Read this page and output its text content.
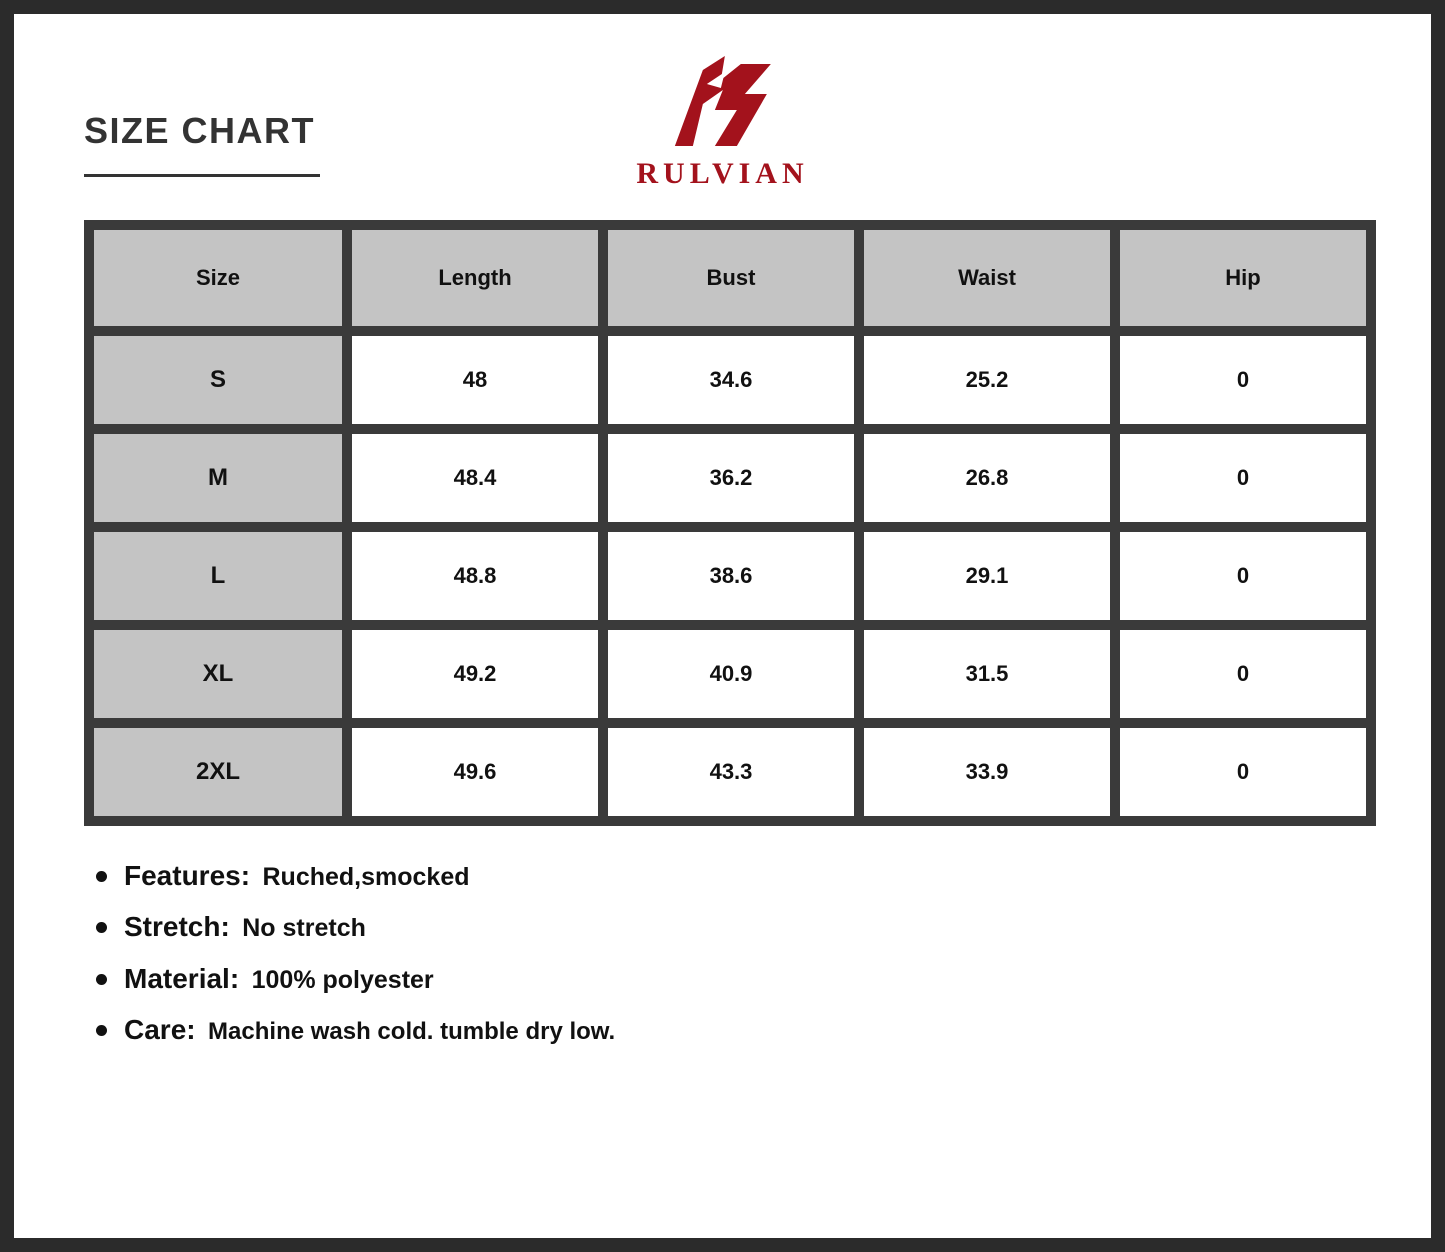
SIZE CHART
RULVIAN
Size	Length	Bust	Waist	Hip
S	48	34.6	25.2	0
M	48.4	36.2	26.8	0
L	48.8	38.6	29.1	0
XL	49.2	40.9	31.5	0
2XL	49.6	43.3	33.9	0
Features: Ruched,smocked
Stretch: No stretch
Material: 100% polyester
Care: Machine wash cold. tumble dry low.
